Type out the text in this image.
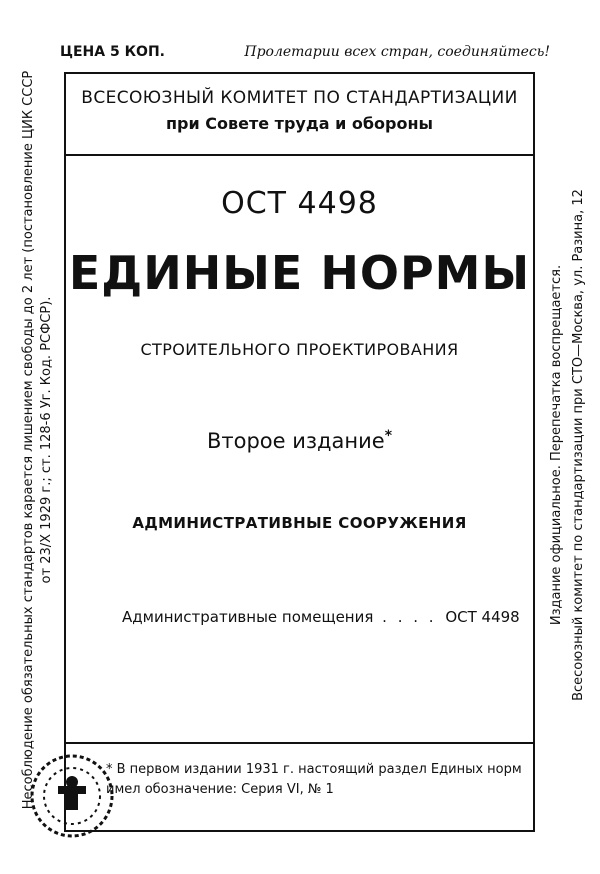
ЦЕНА 5 КОП.	Пролетарии всех стран, соединяйтесь!
Несоблюдение обязательных стандартов карается лишением свободы до 2 лет (постановление ЦИК СССР от 23/X 1929 г.; ст. 128-6 Уг. Код. РСФСР).
ВСЕСОЮЗНЫЙ КОМИТЕТ ПО СТАНДАРТИЗАЦИИ
при Совете труда и обороны
ОСТ 4498
ЕДИНЫЕ НОРМЫ
СТРОИТЕЛЬНОГО ПРОЕКТИРОВАНИЯ
Второе издание*
АДМИНИСТРАТИВНЫЕ СООРУЖЕНИЯ
Административные помещения . . . . ОСТ 4498
* В первом издании 1931 г. настоящий раздел Единых норм
имел обозначение: Серия VI, № 1
Издание официальное. Перепечатка воспрещается. Всесоюзный комитет по стандартизации при СТО—Москва, ул. Разина, 12
